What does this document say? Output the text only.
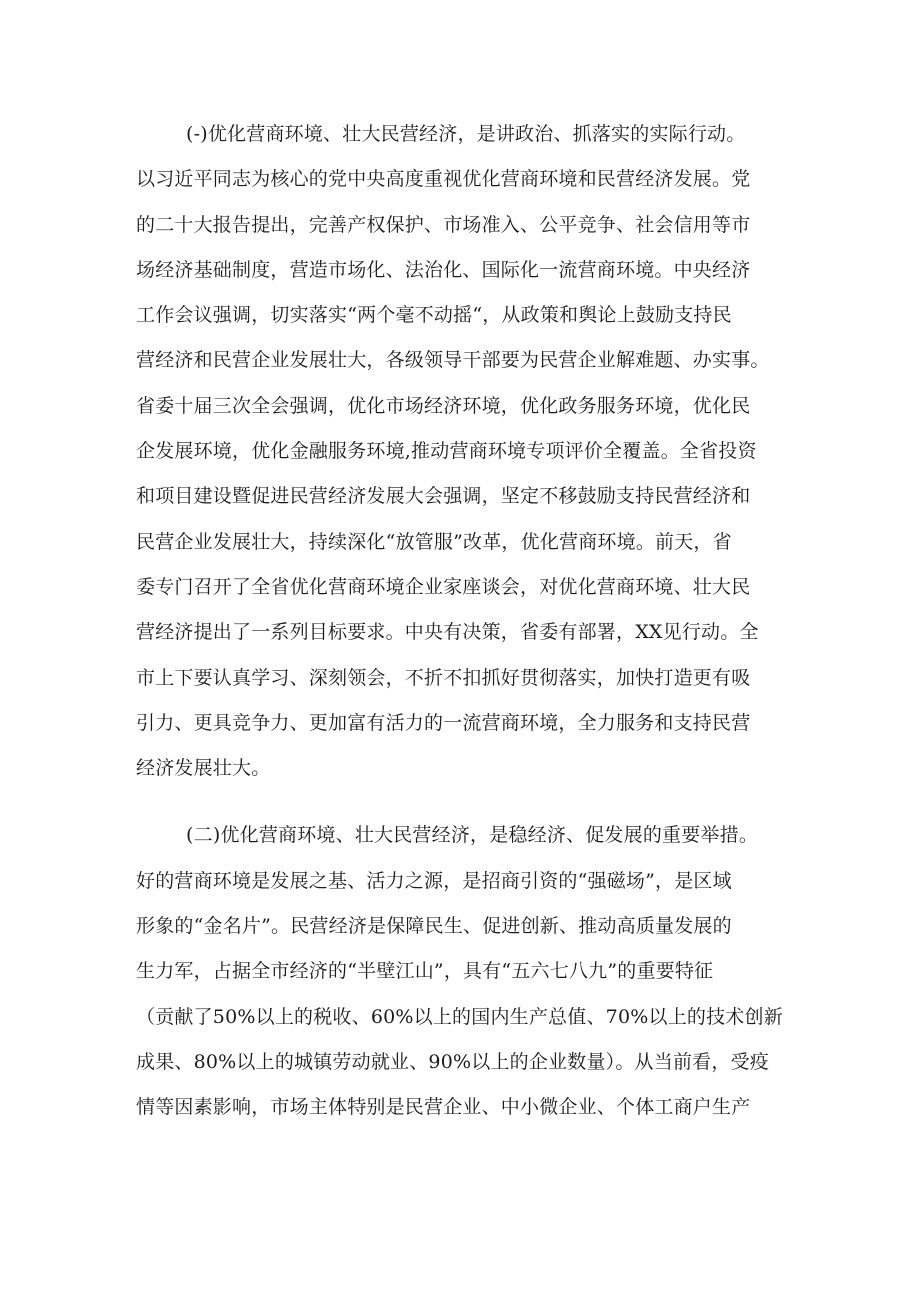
(-)优化营商环境、壮大民营经济，是讲政治、抓落实的实际行动。
以习近平同志为核心的党中央高度重视优化营商环境和民营经济发展。党
的二十大报告提出，完善产权保护、市场准入、公平竞争、社会信用等市
场经济基础制度，营造市场化、法治化、国际化一流营商环境。中央经济
工作会议强调，切实落实“两个毫不动摇“，从政策和舆论上鼓励支持民
营经济和民营企业发展壮大，各级领导干部要为民营企业解难题、办实事。
省委十届三次全会强调，优化市场经济环境，优化政务服务环境，优化民
企发展环境，优化金融服务环境,推动营商环境专项评价全覆盖。全省投资
和项目建设暨促进民营经济发展大会强调，坚定不移鼓励支持民营经济和
民营企业发展壮大，持续深化“放管服”改革，优化营商环境。前天，省
委专门召开了全省优化营商环境企业家座谈会，对优化营商环境、壮大民
营经济提出了一系列目标要求。中央有决策，省委有部署，XX见行动。全
市上下要认真学习、深刻领会，不折不扣抓好贯彻落实，加快打造更有吸
引力、更具竞争力、更加富有活力的一流营商环境，全力服务和支持民营
经济发展壮大。
(二)优化营商环境、壮大民营经济，是稳经济、促发展的重要举措。
好的营商环境是发展之基、活力之源，是招商引资的“强磁场”，是区域
形象的“金名片”。民营经济是保障民生、促进创新、推动高质量发展的
生力军，占据全市经济的“半壁江山”，具有“五六七八九”的重要特征
（贡献了50%以上的税收、60%以上的国内生产总值、70%以上的技术创新
成果、80%以上的城镇劳动就业、90%以上的企业数量）。从当前看，受疫
情等因素影响，市场主体特别是民营企业、中小微企业、个体工商户生产
